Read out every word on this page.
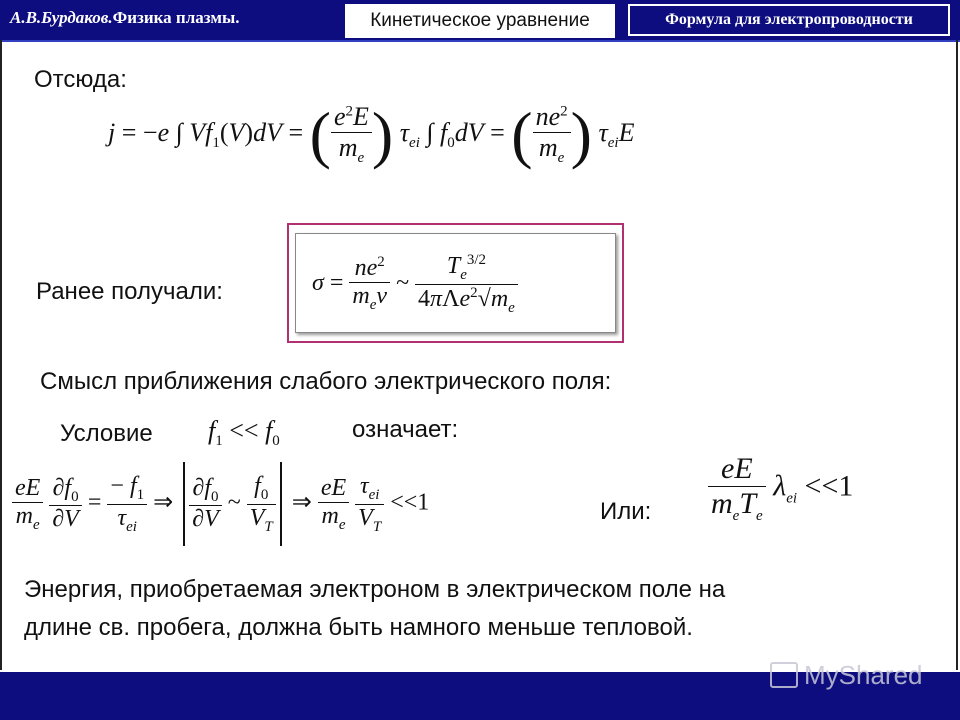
А.В.Бурдаков.Физика плазмы.	Кинетическое уравнение	Формула для электропроводности
Отсюда:
j = −e ∫ $Vf_1(V)dV$ = ( $\frac{e^2E}{m_e}$ ) $\tau_{ei}$ ∫ $f_0dV$ = ( $\frac{ne^2}{m_e}$ ) $\tau_{ei}E$
Ранее получали:	$\sigma = \frac{ne^2}{m_e\nu}$ ~ $\frac{T_e^{3/2}}{4\pi\Lambda e^2√m_e}$
Смысл приближения слабого электрического поля:
Условие $f_1 << f_0$	означает:
$\frac{eE}{m_e}$
$\frac{\partial f_0}{\partial V} = \frac{- f_1}{\tau_{ei}}$ ⇒ $\frac{\partial f_0}{\partial V}$ ~ $\frac{f_0}{V_T}$ ⇒ $\frac{eE}{m_e}$
$\frac{\tau_{ei}}{V_T} <<1$	Или: $\frac{eE}{m_eT_e} \lambda_{ei} <<1$
Энергия, приобретаемая электроном в электрическом поле на
длине св. пробега, должна быть намного меньше тепловой.
MyShared
